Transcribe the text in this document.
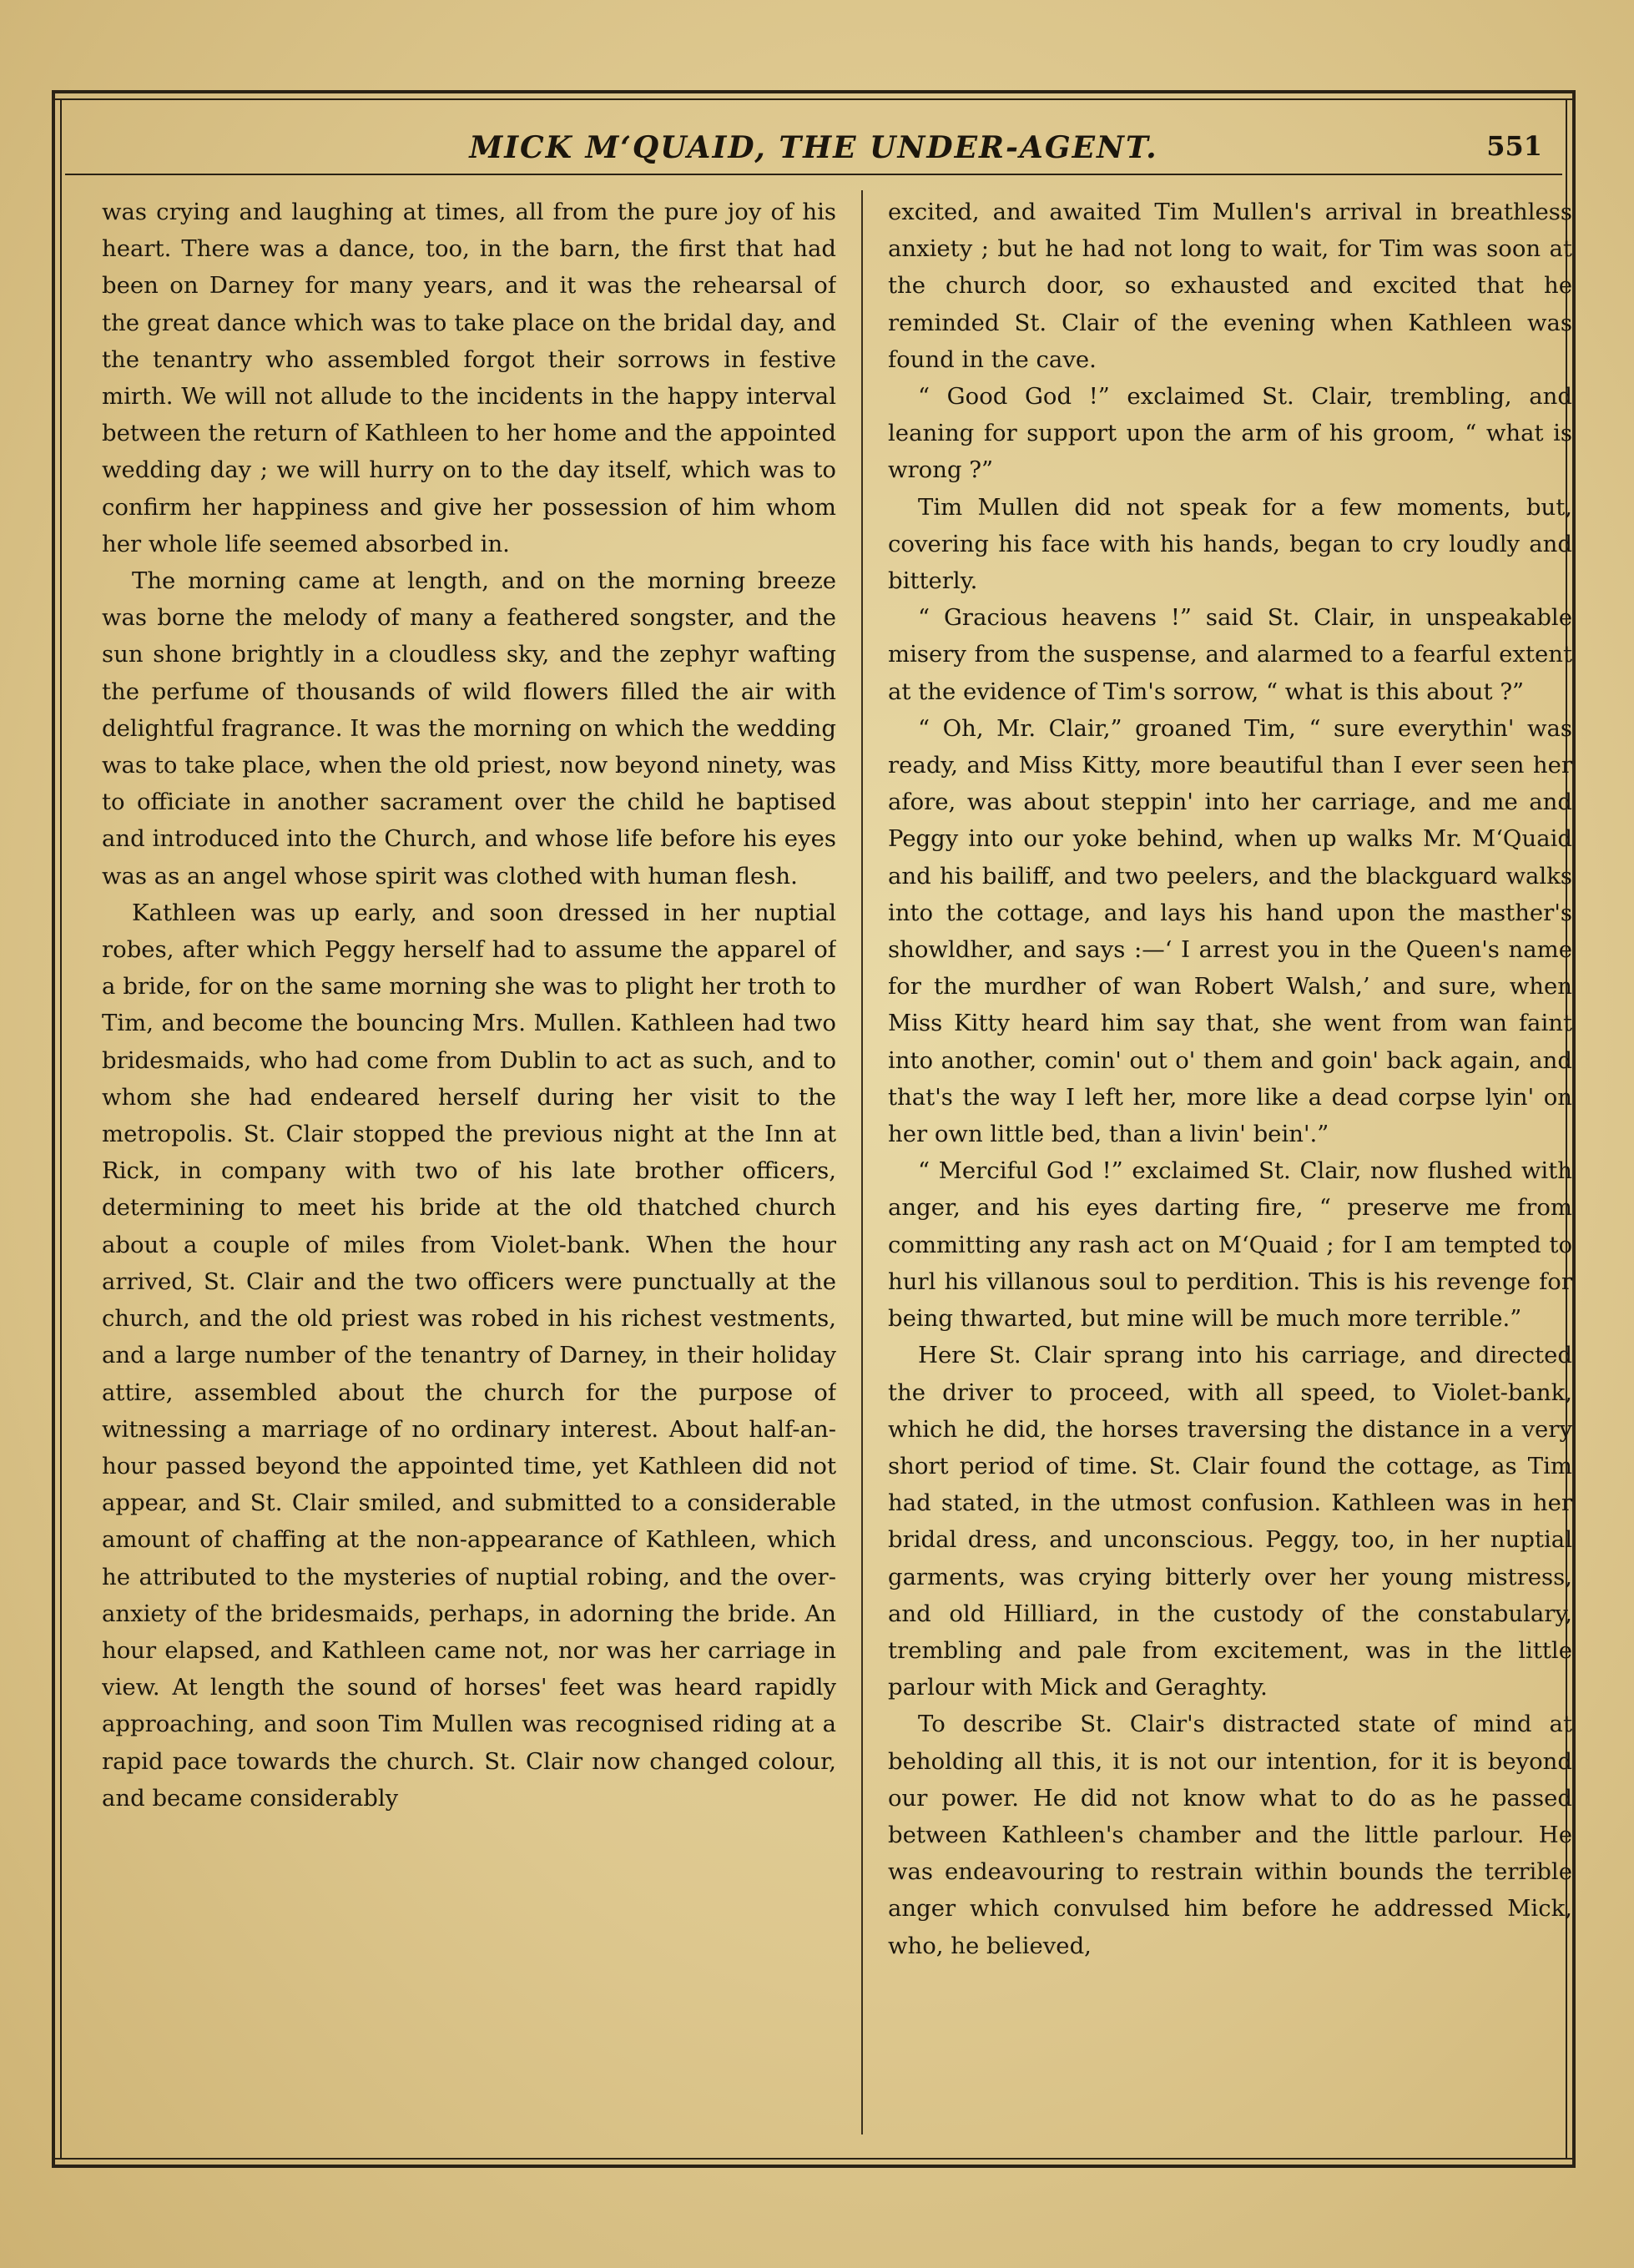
MICK M‘QUAID, THE UNDER-AGENT.	551

was crying and laughing at times, all from the pure joy of his heart. There was a dance, too, in the barn, the first that had been on Darney for many years, and it was the rehearsal of the great dance which was to take place on the bridal day, and the tenantry who assembled forgot their sorrows in festive mirth. We will not allude to the incidents in the happy interval between the return of Kathleen to her home and the appointed wedding day ; we will hurry on to the day itself, which was to confirm her happiness and give her possession of him whom her whole life seemed absorbed in.

The morning came at length, and on the morning breeze was borne the melody of many a feathered songster, and the sun shone brightly in a cloudless sky, and the zephyr wafting the perfume of thousands of wild flowers filled the air with delightful fragrance. It was the morning on which the wedding was to take place, when the old priest, now beyond ninety, was to officiate in another sacrament over the child he baptised and introduced into the Church, and whose life before his eyes was as an angel whose spirit was clothed with human flesh.

Kathleen was up early, and soon dressed in her nuptial robes, after which Peggy herself had to assume the apparel of a bride, for on the same morning she was to plight her troth to Tim, and become the bouncing Mrs. Mullen. Kathleen had two bridesmaids, who had come from Dublin to act as such, and to whom she had endeared herself during her visit to the metropolis. St. Clair stopped the previous night at the Inn at Rick, in company with two of his late brother officers, determining to meet his bride at the old thatched church about a couple of miles from Violet-bank. When the hour arrived, St. Clair and the two officers were punctually at the church, and the old priest was robed in his richest vestments, and a large number of the tenantry of Darney, in their holiday attire, assembled about the church for the purpose of witnessing a marriage of no ordinary interest. About half-an-hour passed beyond the appointed time, yet Kathleen did not appear, and St. Clair smiled, and submitted to a considerable amount of chaffing at the non-appearance of Kathleen, which he attributed to the mysteries of nuptial robing, and the over-anxiety of the bridesmaids, perhaps, in adorning the bride. An hour elapsed, and Kathleen came not, nor was her carriage in view. At length the sound of horses' feet was heard rapidly approaching, and soon Tim Mullen was recognised riding at a rapid pace towards the church. St. Clair now changed colour, and became considerably

excited, and awaited Tim Mullen's arrival in breathless anxiety ; but he had not long to wait, for Tim was soon at the church door, so exhausted and excited that he reminded St. Clair of the evening when Kathleen was found in the cave.

“ Good God !” exclaimed St. Clair, trembling, and leaning for support upon the arm of his groom, “ what is wrong ?”

Tim Mullen did not speak for a few moments, but, covering his face with his hands, began to cry loudly and bitterly.

“ Gracious heavens !” said St. Clair, in unspeakable misery from the suspense, and alarmed to a fearful extent at the evidence of Tim's sorrow, “ what is this about ?”

“ Oh, Mr. Clair,” groaned Tim, “ sure everythin' was ready, and Miss Kitty, more beautiful than I ever seen her afore, was about steppin' into her carriage, and me and Peggy into our yoke behind, when up walks Mr. M‘Quaid and his bailiff, and two peelers, and the blackguard walks into the cottage, and lays his hand upon the masther's showldher, and says :—‘ I arrest you in the Queen's name for the murdher of wan Robert Walsh,’ and sure, when Miss Kitty heard him say that, she went from wan faint into another, comin' out o' them and goin' back again, and that's the way I left her, more like a dead corpse lyin' on her own little bed, than a livin' bein'.”

“ Merciful God !” exclaimed St. Clair, now flushed with anger, and his eyes darting fire, “ preserve me from committing any rash act on M‘Quaid ; for I am tempted to hurl his villanous soul to perdition. This is his revenge for being thwarted, but mine will be much more terrible.”

Here St. Clair sprang into his carriage, and directed the driver to proceed, with all speed, to Violet-bank, which he did, the horses traversing the distance in a very short period of time. St. Clair found the cottage, as Tim had stated, in the utmost confusion. Kathleen was in her bridal dress, and unconscious. Peggy, too, in her nuptial garments, was crying bitterly over her young mistress, and old Hilliard, in the custody of the constabulary, trembling and pale from excitement, was in the little parlour with Mick and Geraghty.

To describe St. Clair's distracted state of mind at beholding all this, it is not our intention, for it is beyond our power. He did not know what to do as he passed between Kathleen's chamber and the little parlour. He was endeavouring to restrain within bounds the terrible anger which convulsed him before he addressed Mick, who, he believed,
